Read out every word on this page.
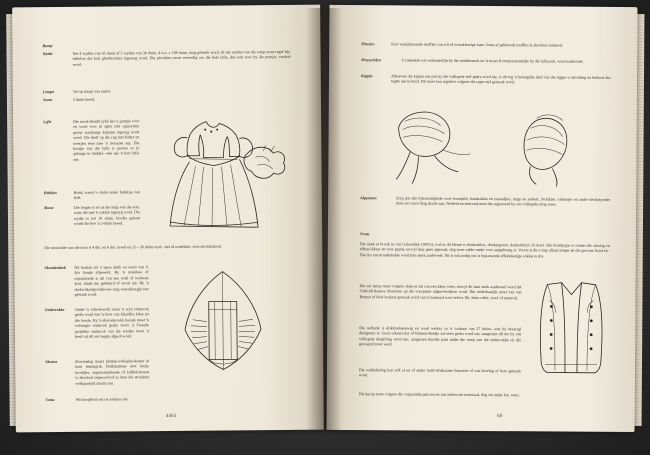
Rump
Wydte	Net 4 wydtes van 45 duim of 5 wydtes van 36 duim, d.w.s. ± 180 duim, mag gebruik word. Al die wydtes van die romp moet regaf bly, behalwe die kort gleufstrokies ingeweg word. Die plooitjies moet eweredig oor die hele lyfie, dus ook voor by die pontjie, verdeel word.
Lengte	Tot op knopi van enkel.
Soom	3 duim breed.
Lyfie	Die nood-altenth lyfie het 'n puntjie voor en word voor in agter met ogiesrykie gesny waarlangs kantjies ingeryg word word. Die skeif op die rug met halter en treetjies teen mee 'n rietaante sny. Die hoogte van die lyfie is presies so in gelange te middel—ehe nie 'n kort lyfie nie.
Halslyn	Rond, soasn ¼ duim onder hulskije van hals.
Moue	Die lengte is tot as die hulp van die arm, waar die met 'n sakkie ingeryg word. Die wydte is net 18 duim. Boaftu gekant wordt die hoe 'n 2-duim breed.
Die mouwkite aan die mou is 4 dm. en 6 dm. breed en 32—36 duim wyd—net af soutekkte, soos die kulsdook.
Skouderdoek	Dit benian sel 3 sgwe dekk en word van 'n fyn kantje afgewerk. By 'n mandoes of cepandoenk is dit van nee widt of waitwen kort, binds nie gekleurd of swart nie. By 'n drekwitkrotgs-lafie-ein mag veerslikorgje toet gebruik word.
Onderrokke	Onder 'n talie-hoevik moet 'n wyn onderrok gedra word met 'n hoot van kleurflin kleur na die borsle. By 'n skoroderrokk borsde moet 'n volsangte onderrok gedra word. 'n Tweede projelike onderrok van die wydste moet 'n bred val dit om lengte afgesit word.
Skoene	Bowenslag maart platluk-volkopbeskoene in hant bekangrik. Balkmuitane mot loelu-broddjes, ongekommdende of kaflinkskoene is absolout ongeoorloof as daar die struisiety volkspartyik dracht aan.
Soms	Wit knophtom en rie sokkies nie.
4461
Mussies	Kort wydaitmaande muffies van wit of roomkleurige kant. Soms af gekleurde muffies is absoluut verkeerd.
Musserlslyn	'n Gekneide wit wolmaterlijn by die muskkenrok en 'n siroet Kommel-menteljie by die tallsj-rok, word aanbeveel.
Kappie	Alhoewel die kappie nie juis by die volkspele self gedra word nie, is dit tog 'n belangrike deel van die siggie w uitruiting en behoort dus tegtte aen te besit. Dit moet nou reguleer volgens die regte styl gemaak word.
Algemeen	Sorg dat alle bykomstighede soos boraspild, handsakkie en maandjies, ringe en serkels, Strikkies, sakkerjes en andre tierlantynties dans om moot drag skaals aan. Netheid en eenvoud moet die regrewerd by ons volkspele-drag wees.
Noots
Die nuek sa brook in van Gaboedine (100%), wol in dit kleure is donkerblou, donkergroen, donkerbruin of swart. Die broekpype is sonder die omslag en effens dikaar en voor gepne, terwyl daar geen agtersak, dog twee sakke onder voor aangebreng is. Voorts is die romp aflaan langer en die gewone kraal en . Die dra van kruiderhulde word buis sterk aanbeveel. Dit is ook nodig om 'n bypassende effekkleurige sokkie te dra.
Die wit hemp moet volgens slate-sa sin van een kleur wees, terwyl dit baie sterk aanbeveel word dat Suid-Afrikaanse blommee op die voorpante adgee-bordjose word. Die onderbaadjie moet van van Bonnet of blok broksat gemaak word van 'n mannaal soos velvet, filt, leute cufut, wool of satynval.
Die netbank is drikkmdoenswig en word werkry sa 'n vaaknat van 27 duim—wat hy drearsgl deergesny is. Geen sokasis-das of binnens-bindje sal oeen gedra word nie, aangesien dit nie by ons volkspele dragfiting word nie; aangesien hierdie punt ander die troep van die onderrokke vir die gewaand moet word.
Die welbehaling kan self al en of ander Suid-Afrikaanse keursent of van hoorlag of bere gemaak word.
Die kerop moet volgens die voigaandie patroon en van nulees-sei materiaal, dog sin netjie kie, wees.
60
